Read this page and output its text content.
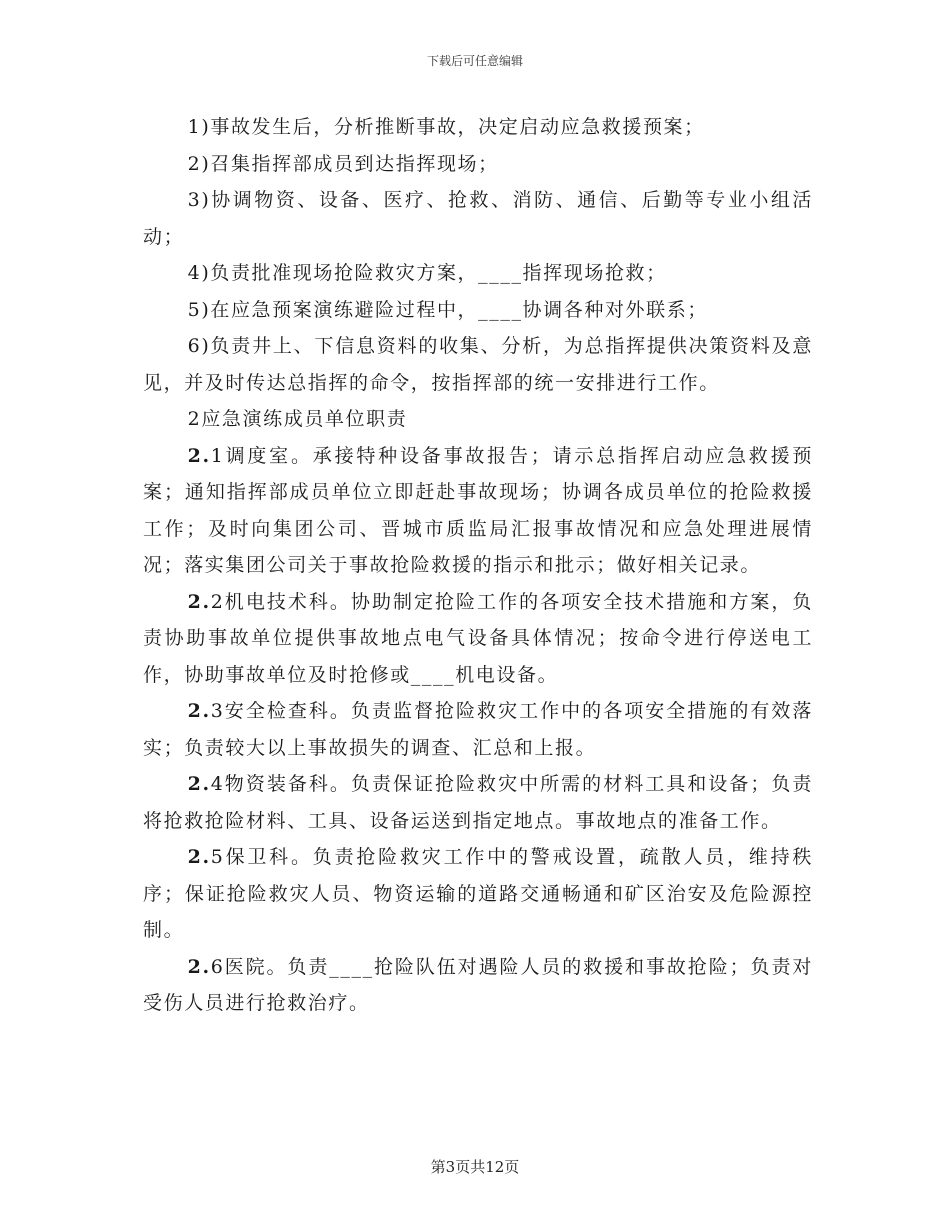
下载后可任意编辑

1)事故发生后，分析推断事故，决定启动应急救援预案；

2)召集指挥部成员到达指挥现场；

3)协调物资、设备、医疗、抢救、消防、通信、后勤等专业小组活动；

4)负责批准现场抢险救灾方案，____指挥现场抢救；

5)在应急预案演练避险过程中，____协调各种对外联系；

6)负责井上、下信息资料的收集、分析，为总指挥提供决策资料及意见，并及时传达总指挥的命令，按指挥部的统一安排进行工作。

2应急演练成员单位职责

2.1调度室。承接特种设备事故报告；请示总指挥启动应急救援预案；通知指挥部成员单位立即赶赴事故现场；协调各成员单位的抢险救援工作；及时向集团公司、晋城市质监局汇报事故情况和应急处理进展情况；落实集团公司关于事故抢险救援的指示和批示；做好相关记录。

2.2机电技术科。协助制定抢险工作的各项安全技术措施和方案，负责协助事故单位提供事故地点电气设备具体情况；按命令进行停送电工作，协助事故单位及时抢修或____机电设备。

2.3安全检查科。负责监督抢险救灾工作中的各项安全措施的有效落实；负责较大以上事故损失的调查、汇总和上报。

2.4物资装备科。负责保证抢险救灾中所需的材料工具和设备；负责将抢救抢险材料、工具、设备运送到指定地点。事故地点的准备工作。

2.5保卫科。负责抢险救灾工作中的警戒设置，疏散人员，维持秩序；保证抢险救灾人员、物资运输的道路交通畅通和矿区治安及危险源控制。

2.6医院。负责____抢险队伍对遇险人员的救援和事故抢险；负责对受伤人员进行抢救治疗。

第3页共12页
